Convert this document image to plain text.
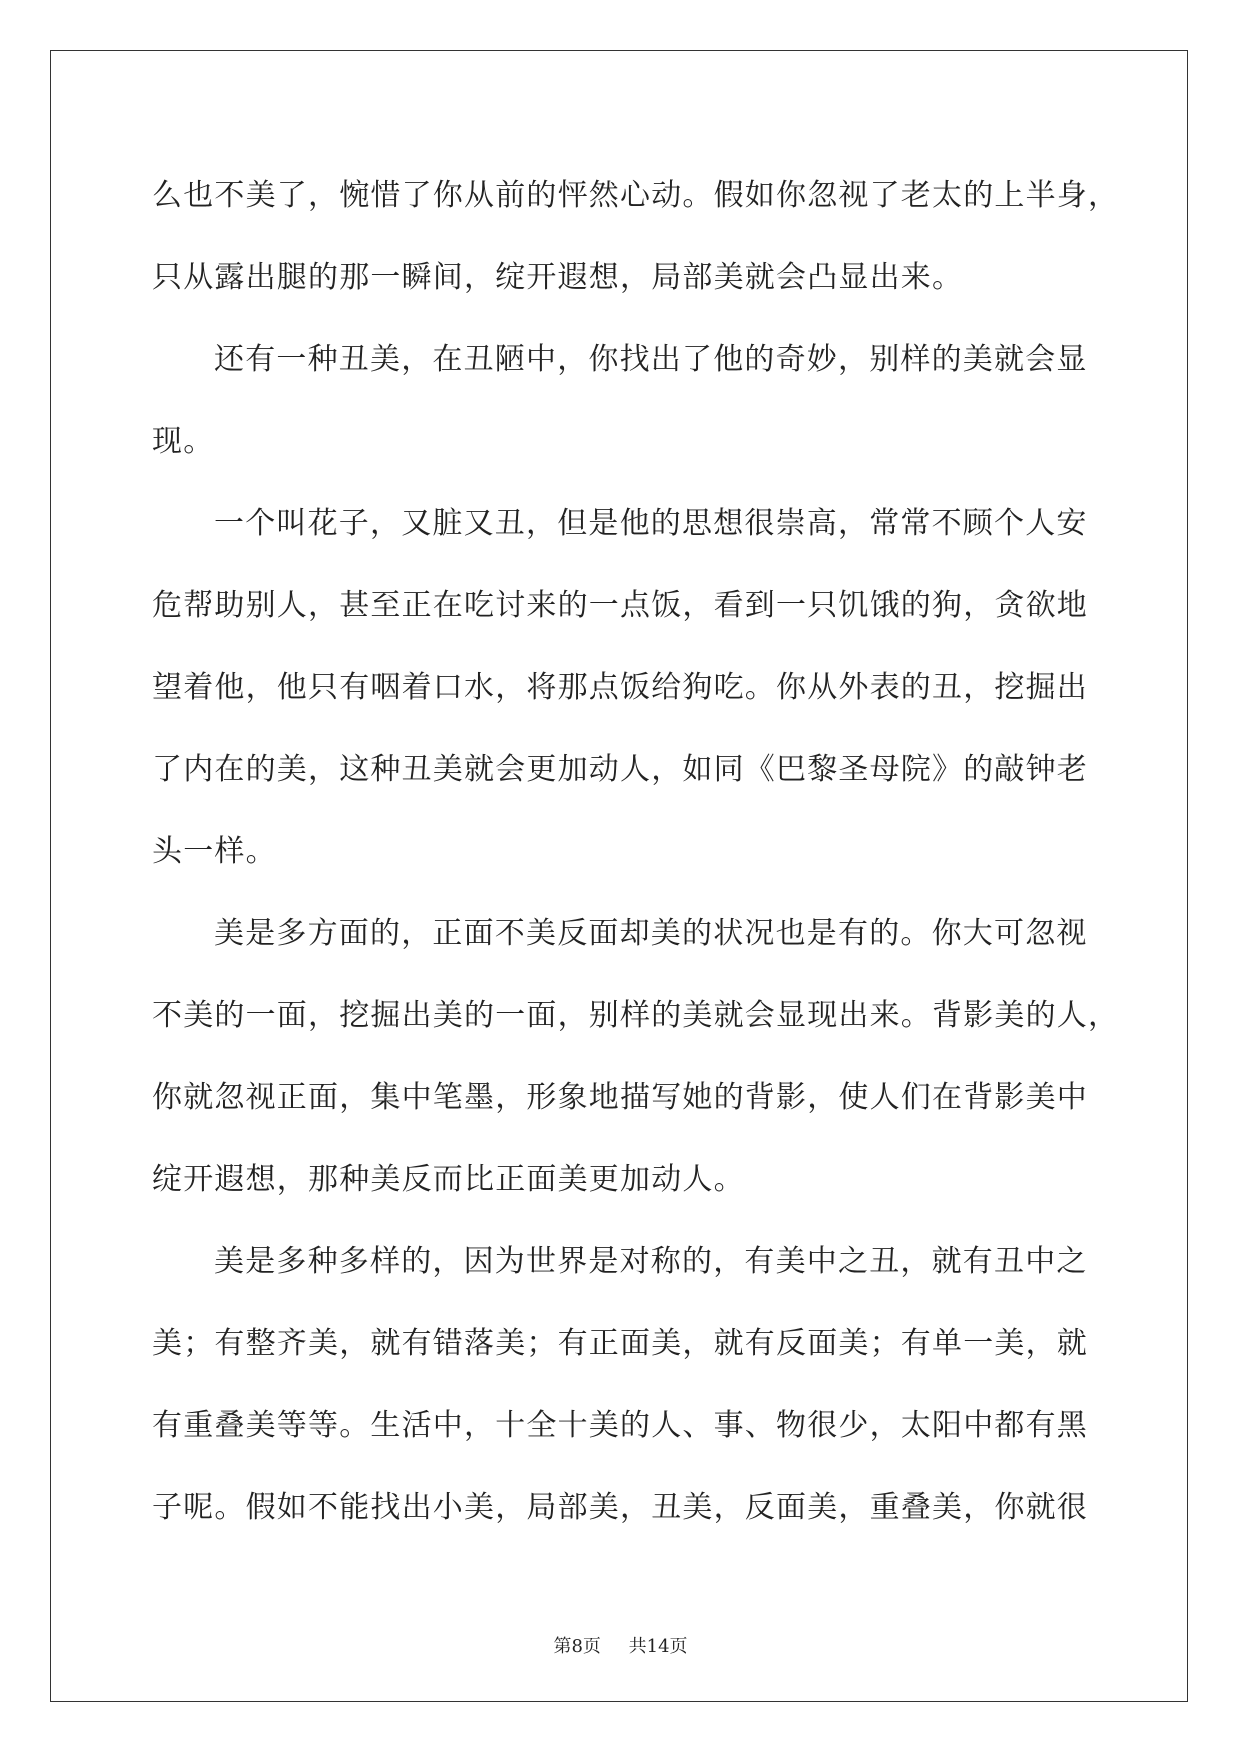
么也不美了，惋惜了你从前的怦然心动。假如你忽视了老太的上半身，
只从露出腿的那一瞬间，绽开遐想，局部美就会凸显出来。
还有一种丑美，在丑陋中，你找出了他的奇妙，别样的美就会显
现。
一个叫花子，又脏又丑，但是他的思想很崇高，常常不顾个人安
危帮助别人，甚至正在吃讨来的一点饭，看到一只饥饿的狗，贪欲地
望着他，他只有咽着口水，将那点饭给狗吃。你从外表的丑，挖掘出
了内在的美，这种丑美就会更加动人，如同《巴黎圣母院》的敲钟老
头一样。
美是多方面的，正面不美反面却美的状况也是有的。你大可忽视
不美的一面，挖掘出美的一面，别样的美就会显现出来。背影美的人，
你就忽视正面，集中笔墨，形象地描写她的背影，使人们在背影美中
绽开遐想，那种美反而比正面美更加动人。
美是多种多样的，因为世界是对称的，有美中之丑，就有丑中之
美；有整齐美，就有错落美；有正面美，就有反面美；有单一美，就
有重叠美等等。生活中，十全十美的人、事、物很少，太阳中都有黑
子呢。假如不能找出小美，局部美，丑美，反面美，重叠美，你就很
第8页 共14页
